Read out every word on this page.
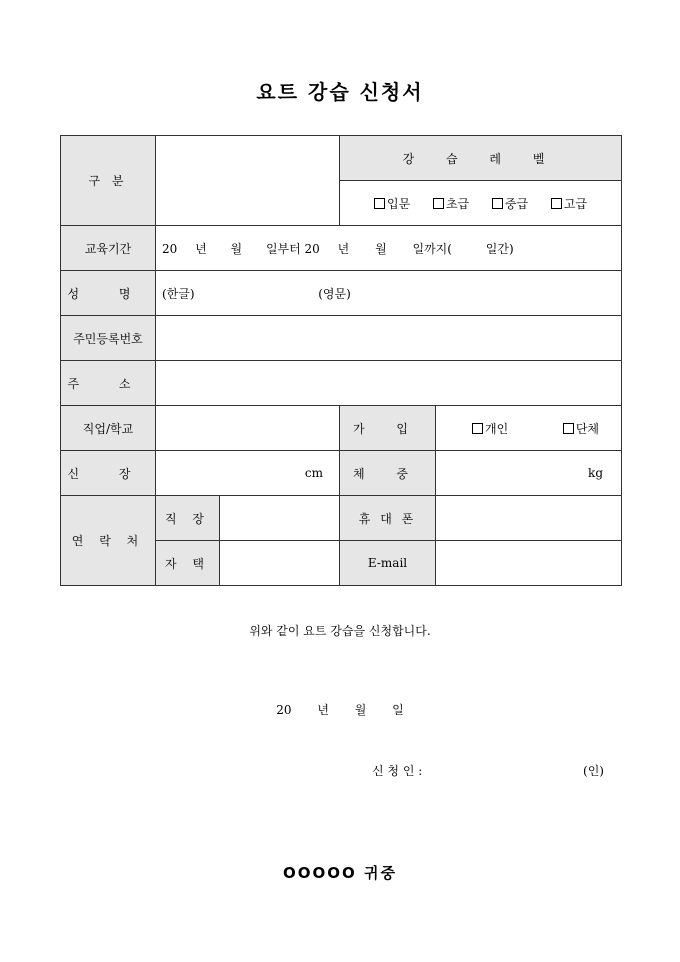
요트 강습 신청서
구 분			강 습 레 벨	

			입문 초급 중급 고급	

교육기간	20 년 월 일부터 20 년 월 일까지( 일간)			
성 명	(한글) (영문)			
주민등록번호				
주 소				
직업/학교			가 입	개인 단체

신 장	cm		체 중	kg
연 락 처	직 장		휴 대 폰	
	자 택		E-mail	
위와 같이 요트 강습을 신청합니다.
20 년 월 일
신 청 인 :	(인)
OOOOO 귀중
